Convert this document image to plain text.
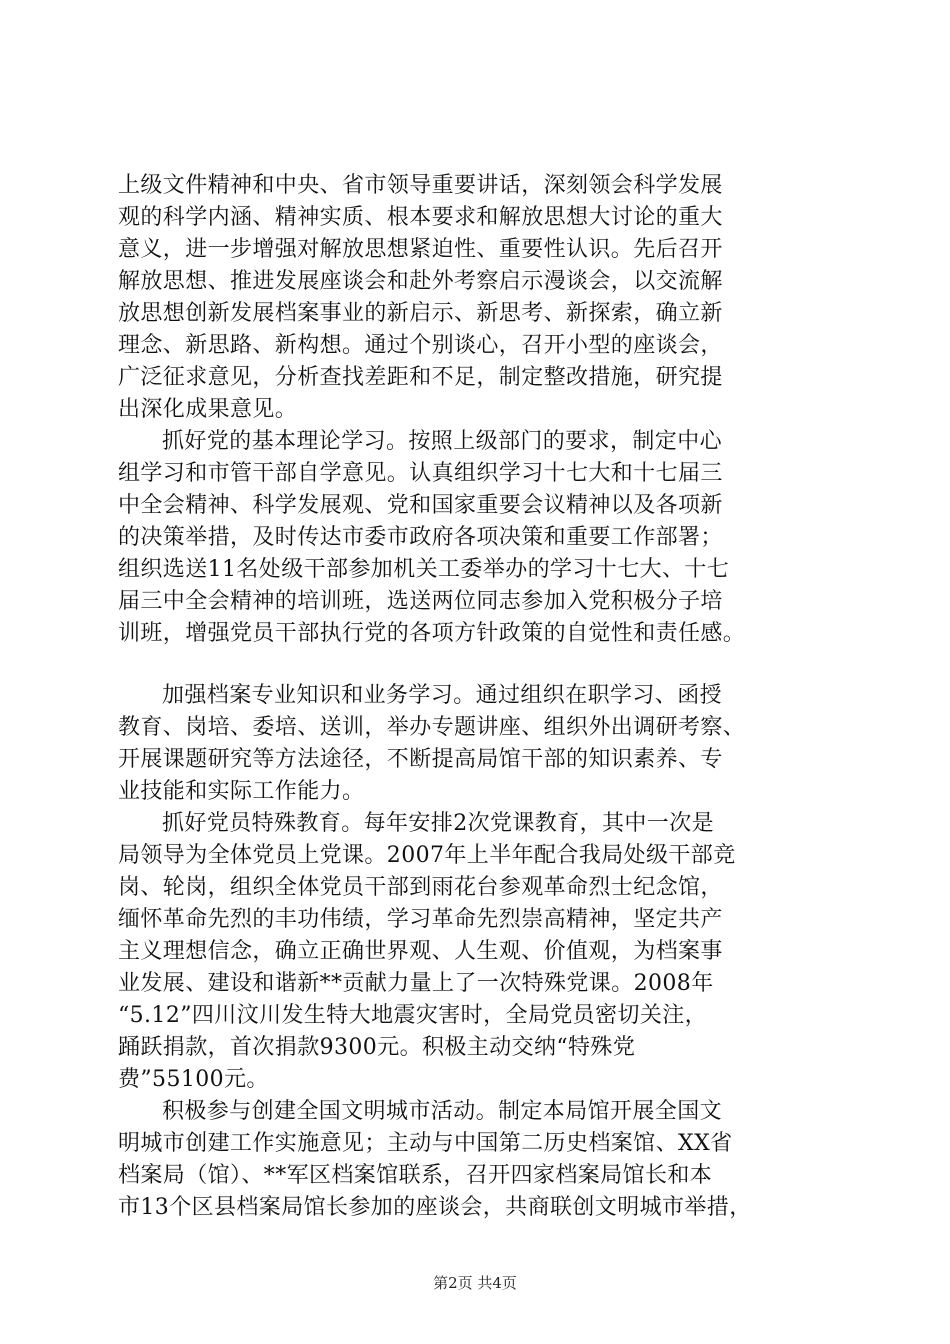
上级文件精神和中央、省市领导重要讲话，深刻领会科学发展
观的科学内涵、精神实质、根本要求和解放思想大讨论的重大
意义，进一步增强对解放思想紧迫性、重要性认识。先后召开
解放思想、推进发展座谈会和赴外考察启示漫谈会，以交流解
放思想创新发展档案事业的新启示、新思考、新探索，确立新
理念、新思路、新构想。通过个别谈心，召开小型的座谈会，
广泛征求意见，分析查找差距和不足，制定整改措施，研究提
出深化成果意见。
抓好党的基本理论学习。按照上级部门的要求，制定中心
组学习和市管干部自学意见。认真组织学习十七大和十七届三
中全会精神、科学发展观、党和国家重要会议精神以及各项新
的决策举措，及时传达市委市政府各项决策和重要工作部署；
组织选送11名处级干部参加机关工委举办的学习十七大、十七
届三中全会精神的培训班，选送两位同志参加入党积极分子培
训班，增强党员干部执行党的各项方针政策的自觉性和责任感。
加强档案专业知识和业务学习。通过组织在职学习、函授
教育、岗培、委培、送训，举办专题讲座、组织外出调研考察、
开展课题研究等方法途径，不断提高局馆干部的知识素养、专
业技能和实际工作能力。
抓好党员特殊教育。每年安排2次党课教育，其中一次是
局领导为全体党员上党课。2007年上半年配合我局处级干部竞
岗、轮岗，组织全体党员干部到雨花台参观革命烈士纪念馆，
缅怀革命先烈的丰功伟绩，学习革命先烈崇高精神，坚定共产
主义理想信念，确立正确世界观、人生观、价值观，为档案事
业发展、建设和谐新**贡献力量上了一次特殊党课。2008年
“5.12”四川汶川发生特大地震灾害时，全局党员密切关注，
踊跃捐款，首次捐款9300元。积极主动交纳“特殊党
费”55100元。
积极参与创建全国文明城市活动。制定本局馆开展全国文
明城市创建工作实施意见；主动与中国第二历史档案馆、XX省
档案局（馆）、**军区档案馆联系，召开四家档案局馆长和本
市13个区县档案局馆长参加的座谈会，共商联创文明城市举措，
第2页 共4页
